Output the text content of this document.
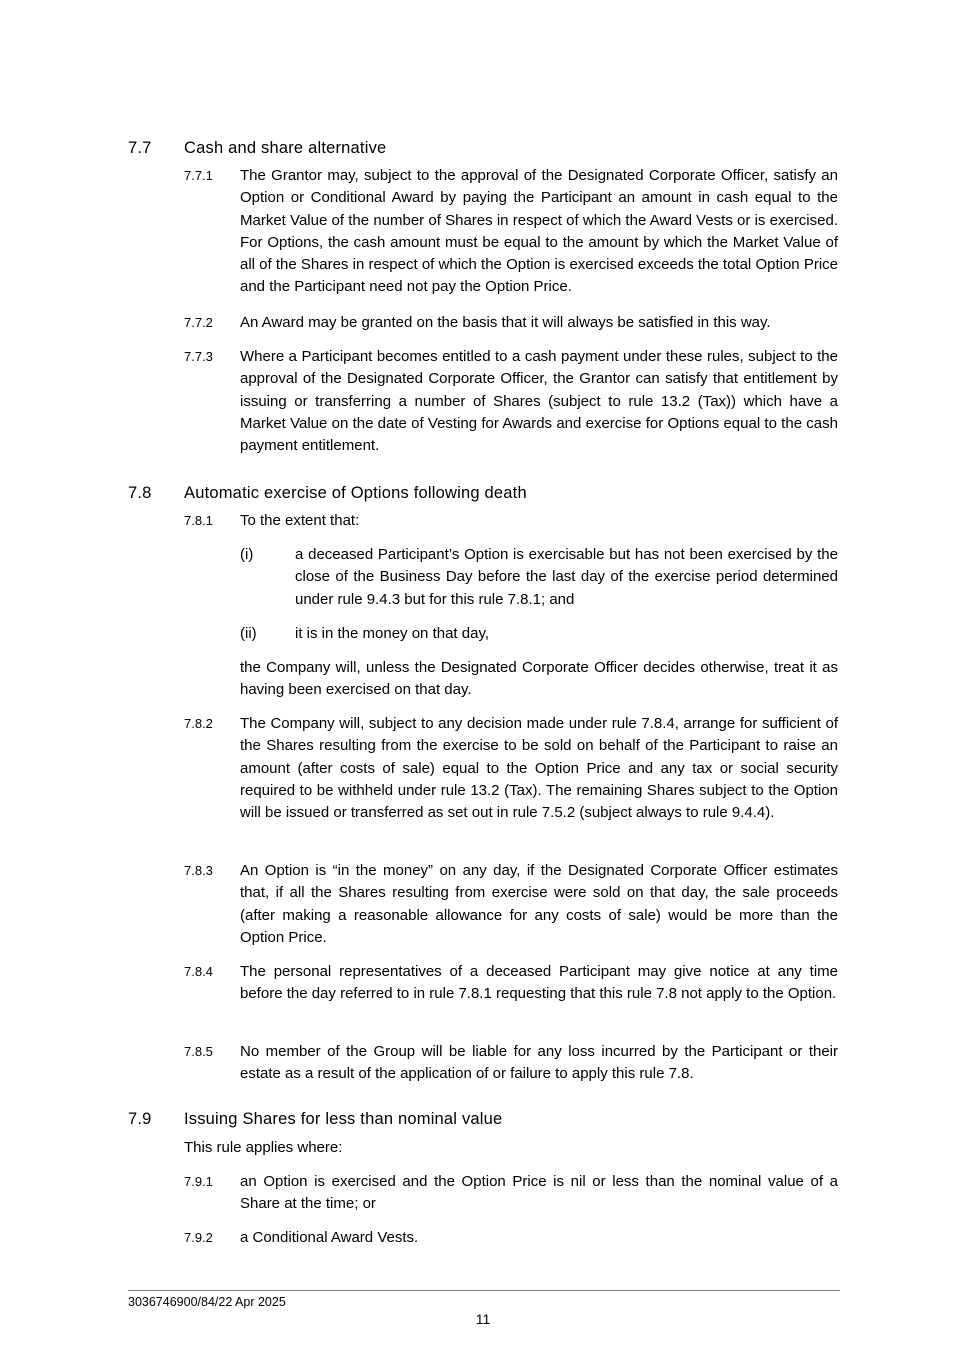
7.7	Cash and share alternative
7.7.1	The Grantor may, subject to the approval of the Designated Corporate Officer, satisfy an Option or Conditional Award by paying the Participant an amount in cash equal to the Market Value of the number of Shares in respect of which the Award Vests or is exercised. For Options, the cash amount must be equal to the amount by which the Market Value of all of the Shares in respect of which the Option is exercised exceeds the total Option Price and the Participant need not pay the Option Price.
7.7.2	An Award may be granted on the basis that it will always be satisfied in this way.
7.7.3	Where a Participant becomes entitled to a cash payment under these rules, subject to the approval of the Designated Corporate Officer, the Grantor can satisfy that entitlement by issuing or transferring a number of Shares (subject to rule 13.2 (Tax)) which have a Market Value on the date of Vesting for Awards and exercise for Options equal to the cash payment entitlement.
7.8	Automatic exercise of Options following death
7.8.1	To the extent that:
(i)	a deceased Participant’s Option is exercisable but has not been exercised by the close of the Business Day before the last day of the exercise period determined under rule 9.4.3 but for this rule 7.8.1; and
(ii)	it is in the money on that day,
the Company will, unless the Designated Corporate Officer decides otherwise, treat it as having been exercised on that day.
7.8.2	The Company will, subject to any decision made under rule 7.8.4, arrange for sufficient of the Shares resulting from the exercise to be sold on behalf of the Participant to raise an amount (after costs of sale) equal to the Option Price and any tax or social security required to be withheld under rule 13.2 (Tax). The remaining Shares subject to the Option will be issued or transferred as set out in rule 7.5.2 (subject always to rule 9.4.4).
7.8.3	An Option is “in the money” on any day, if the Designated Corporate Officer estimates that, if all the Shares resulting from exercise were sold on that day, the sale proceeds (after making a reasonable allowance for any costs of sale) would be more than the Option Price.
7.8.4	The personal representatives of a deceased Participant may give notice at any time before the day referred to in rule 7.8.1 requesting that this rule 7.8 not apply to the Option.
7.8.5	No member of the Group will be liable for any loss incurred by the Participant or their estate as a result of the application of or failure to apply this rule 7.8.
7.9	Issuing Shares for less than nominal value
This rule applies where:
7.9.1	an Option is exercised and the Option Price is nil or less than the nominal value of a Share at the time; or
7.9.2	a Conditional Award Vests.
3036746900/84/22 Apr 2025
11
